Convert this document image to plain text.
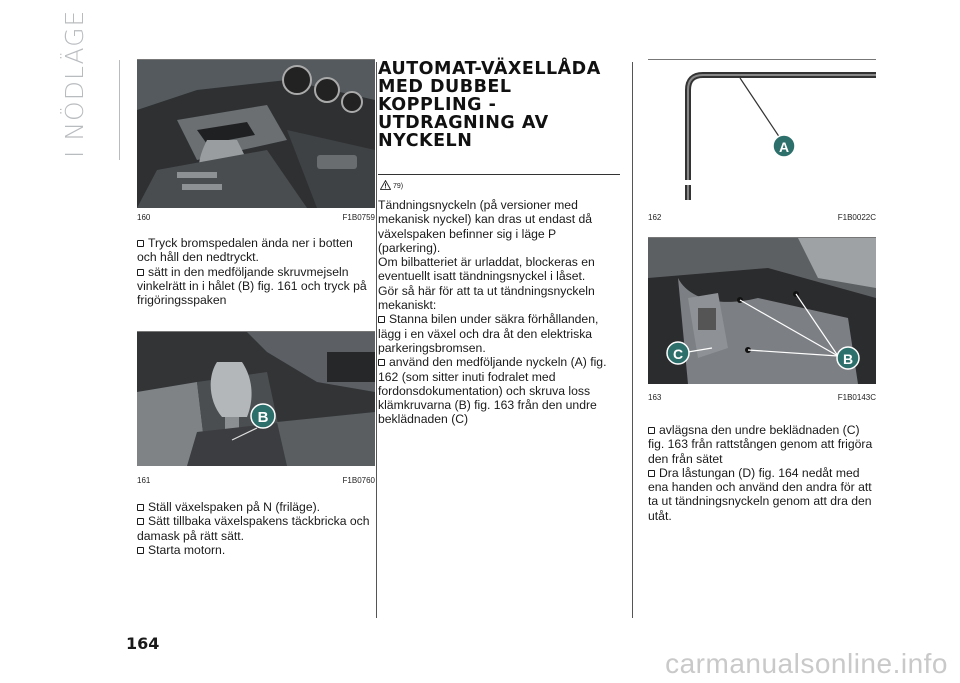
I NÖDLÄGE
160	F1B0759

Tryck bromspedalen ända ner i botten och håll den nedtryckt.

sätt in den medföljande skruvmejseln vinkelrätt in i hålet (B) fig. 161 och tryck på frigöringsspaken

B
161	F1B0760

Ställ växelspaken på N (friläge).

Sätt tillbaka växelspakens täckbricka och damask på rätt sätt.

Starta motorn.

164
AUTOMAT-VÄXELLÅDA MED DUBBEL KOPPLING - UTDRAGNING AV NYCKELN
79)

Tändningsnyckeln (på versioner med mekanisk nyckel) kan dras ut endast då växelspaken befinner sig i läge P (parkering).

Om bilbatteriet är urladdat, blockeras en eventuellt isatt tändningsnyckel i låset.

Gör så här för att ta ut tändningsnyckeln mekaniskt:

Stanna bilen under säkra förhållanden, lägg i en växel och dra åt den elektriska parkeringsbromsen.

använd den medföljande nyckeln (A) fig. 162 (som sitter inuti fodralet med fordonsdokumentation) och skruva loss klämkruvarna (B) fig. 163 från den undre beklädnaden (C)

A
162	F1B0022C
B
C
163	F1B0143C

avlägsna den undre beklädnaden (C) fig. 163 från rattstången genom att frigöra den från sätet

Dra låstungan (D) fig. 164 nedåt med ena handen och använd den andra för att ta ut tändningsnyckeln genom att dra den utåt.

carmanualsonline.info
